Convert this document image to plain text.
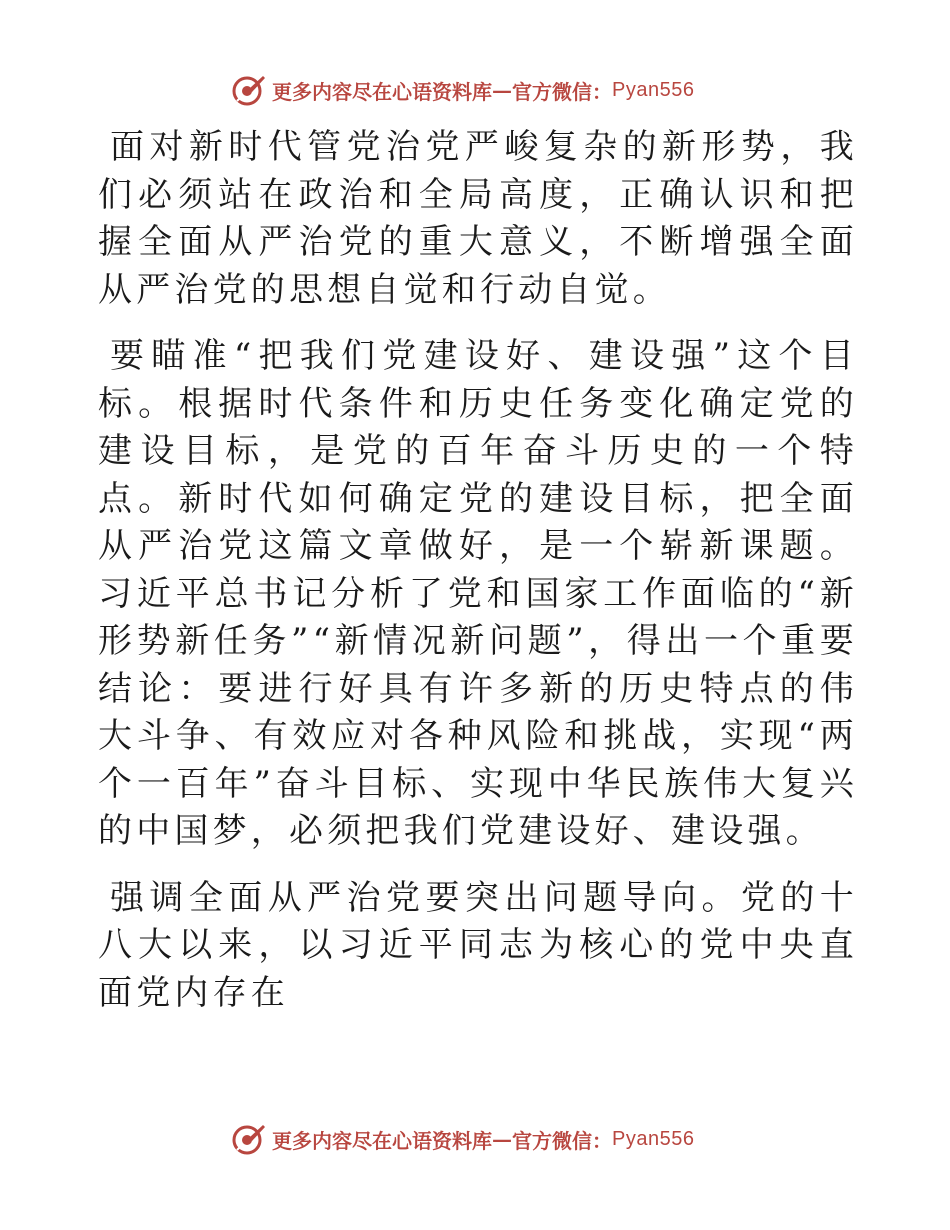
更多内容尽在心语资料库 — 官方微信： Pyan556

面对新时代管党治党严峻复杂的新形势，我们必须站在政治和全局高度，正确认识和把握全面从严治党的重大意义，不断增强全面从严治党的思想自觉和行动自觉。

要瞄准“把我们党建设好、建设强”这个目标。根据时代条件和历史任务变化确定党的建设目标，是党的百年奋斗历史的一个特点。新时代如何确定党的建设目标，把全面从严治党这篇文章做好，是一个崭新课题。习近平总书记分析了党和国家工作面临的“新形势新任务”“新情况新问题”，得出一个重要结论：要进行好具有许多新的历史特点的伟大斗争、有效应对各种风险和挑战，实现“两个一百年”奋斗目标、实现中华民族伟大复兴的中国梦，必须把我们党建设好、建设强。

强调全面从严治党要突出问题导向。党的十八大以来，以习近平同志为核心的党中央直面党内存在

更多内容尽在心语资料库 — 官方微信： Pyan556
